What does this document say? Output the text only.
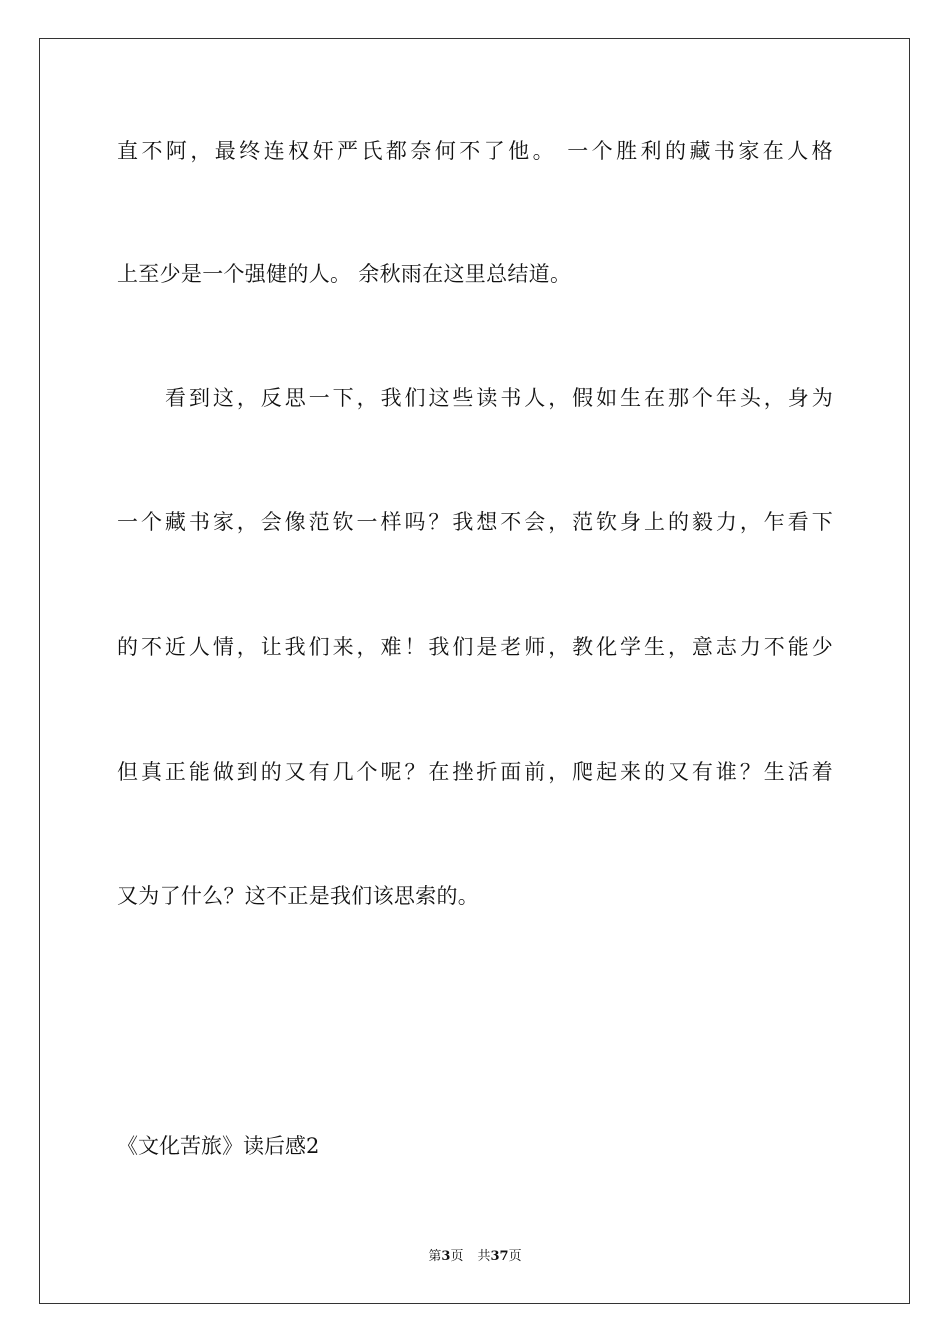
直不阿，最终连权奸严氏都奈何不了他。 一个胜利的藏书家在人格
上至少是一个强健的人。 余秋雨在这里总结道。
看到这，反思一下，我们这些读书人，假如生在那个年头，身为
一个藏书家，会像范钦一样吗？我想不会，范钦身上的毅力，乍看下
的不近人情，让我们来，难！我们是老师，教化学生，意志力不能少
但真正能做到的又有几个呢？在挫折面前，爬起来的又有谁？生活着
又为了什么？这不正是我们该思索的。
《文化苦旅》读后感2
第3页 共37页
